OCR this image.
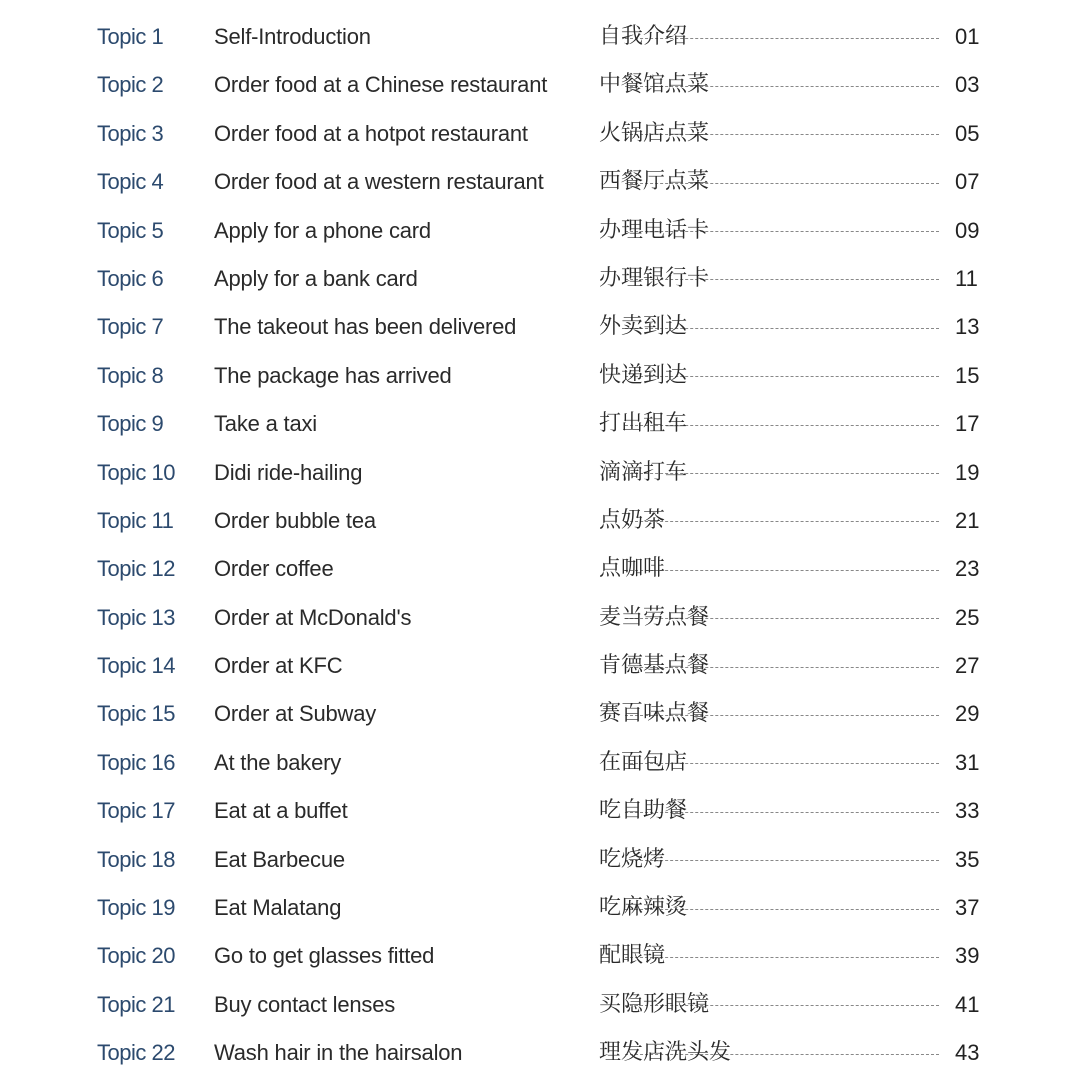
Topic 1 Self-Introduction	自我介绍	01
Topic 2 Order food at a Chinese restaurant 中餐馆点菜	03
Topic 3 Order food at a hotpot restaurant	火锅店点菜	05
Topic 4 Order food at a western restaurant	西餐厅点菜	07
Topic 5 Apply for a phone card	办理电话卡	09
Topic 6 Apply for a bank card	办理银行卡	11
Topic 7 The takeout has been delivered	外卖到达	13
Topic 8 The package has arrived	快递到达	15
Topic 9 Take a taxi	打出租车	17
Topic 10 Didi ride-hailing	滴滴打车	19
Topic 11 Order bubble tea	点奶茶	21
Topic 12 Order coffee	点咖啡	23
Topic 13 Order at McDonald's	麦当劳点餐	25
Topic 14 Order at KFC	肯德基点餐	27
Topic 15 Order at Subway	赛百味点餐	29
Topic 16 At the bakery	在面包店	31
Topic 17 Eat at a buffet	吃自助餐	33
Topic 18 Eat Barbecue	吃烧烤	35
Topic 19 Eat Malatang	吃麻辣烫	37
Topic 20 Go to get glasses fitted	配眼镜	39
Topic 21 Buy contact lenses	买隐形眼镜	41
Topic 22 Wash hair in the hairsalon	理发店洗头发	43
